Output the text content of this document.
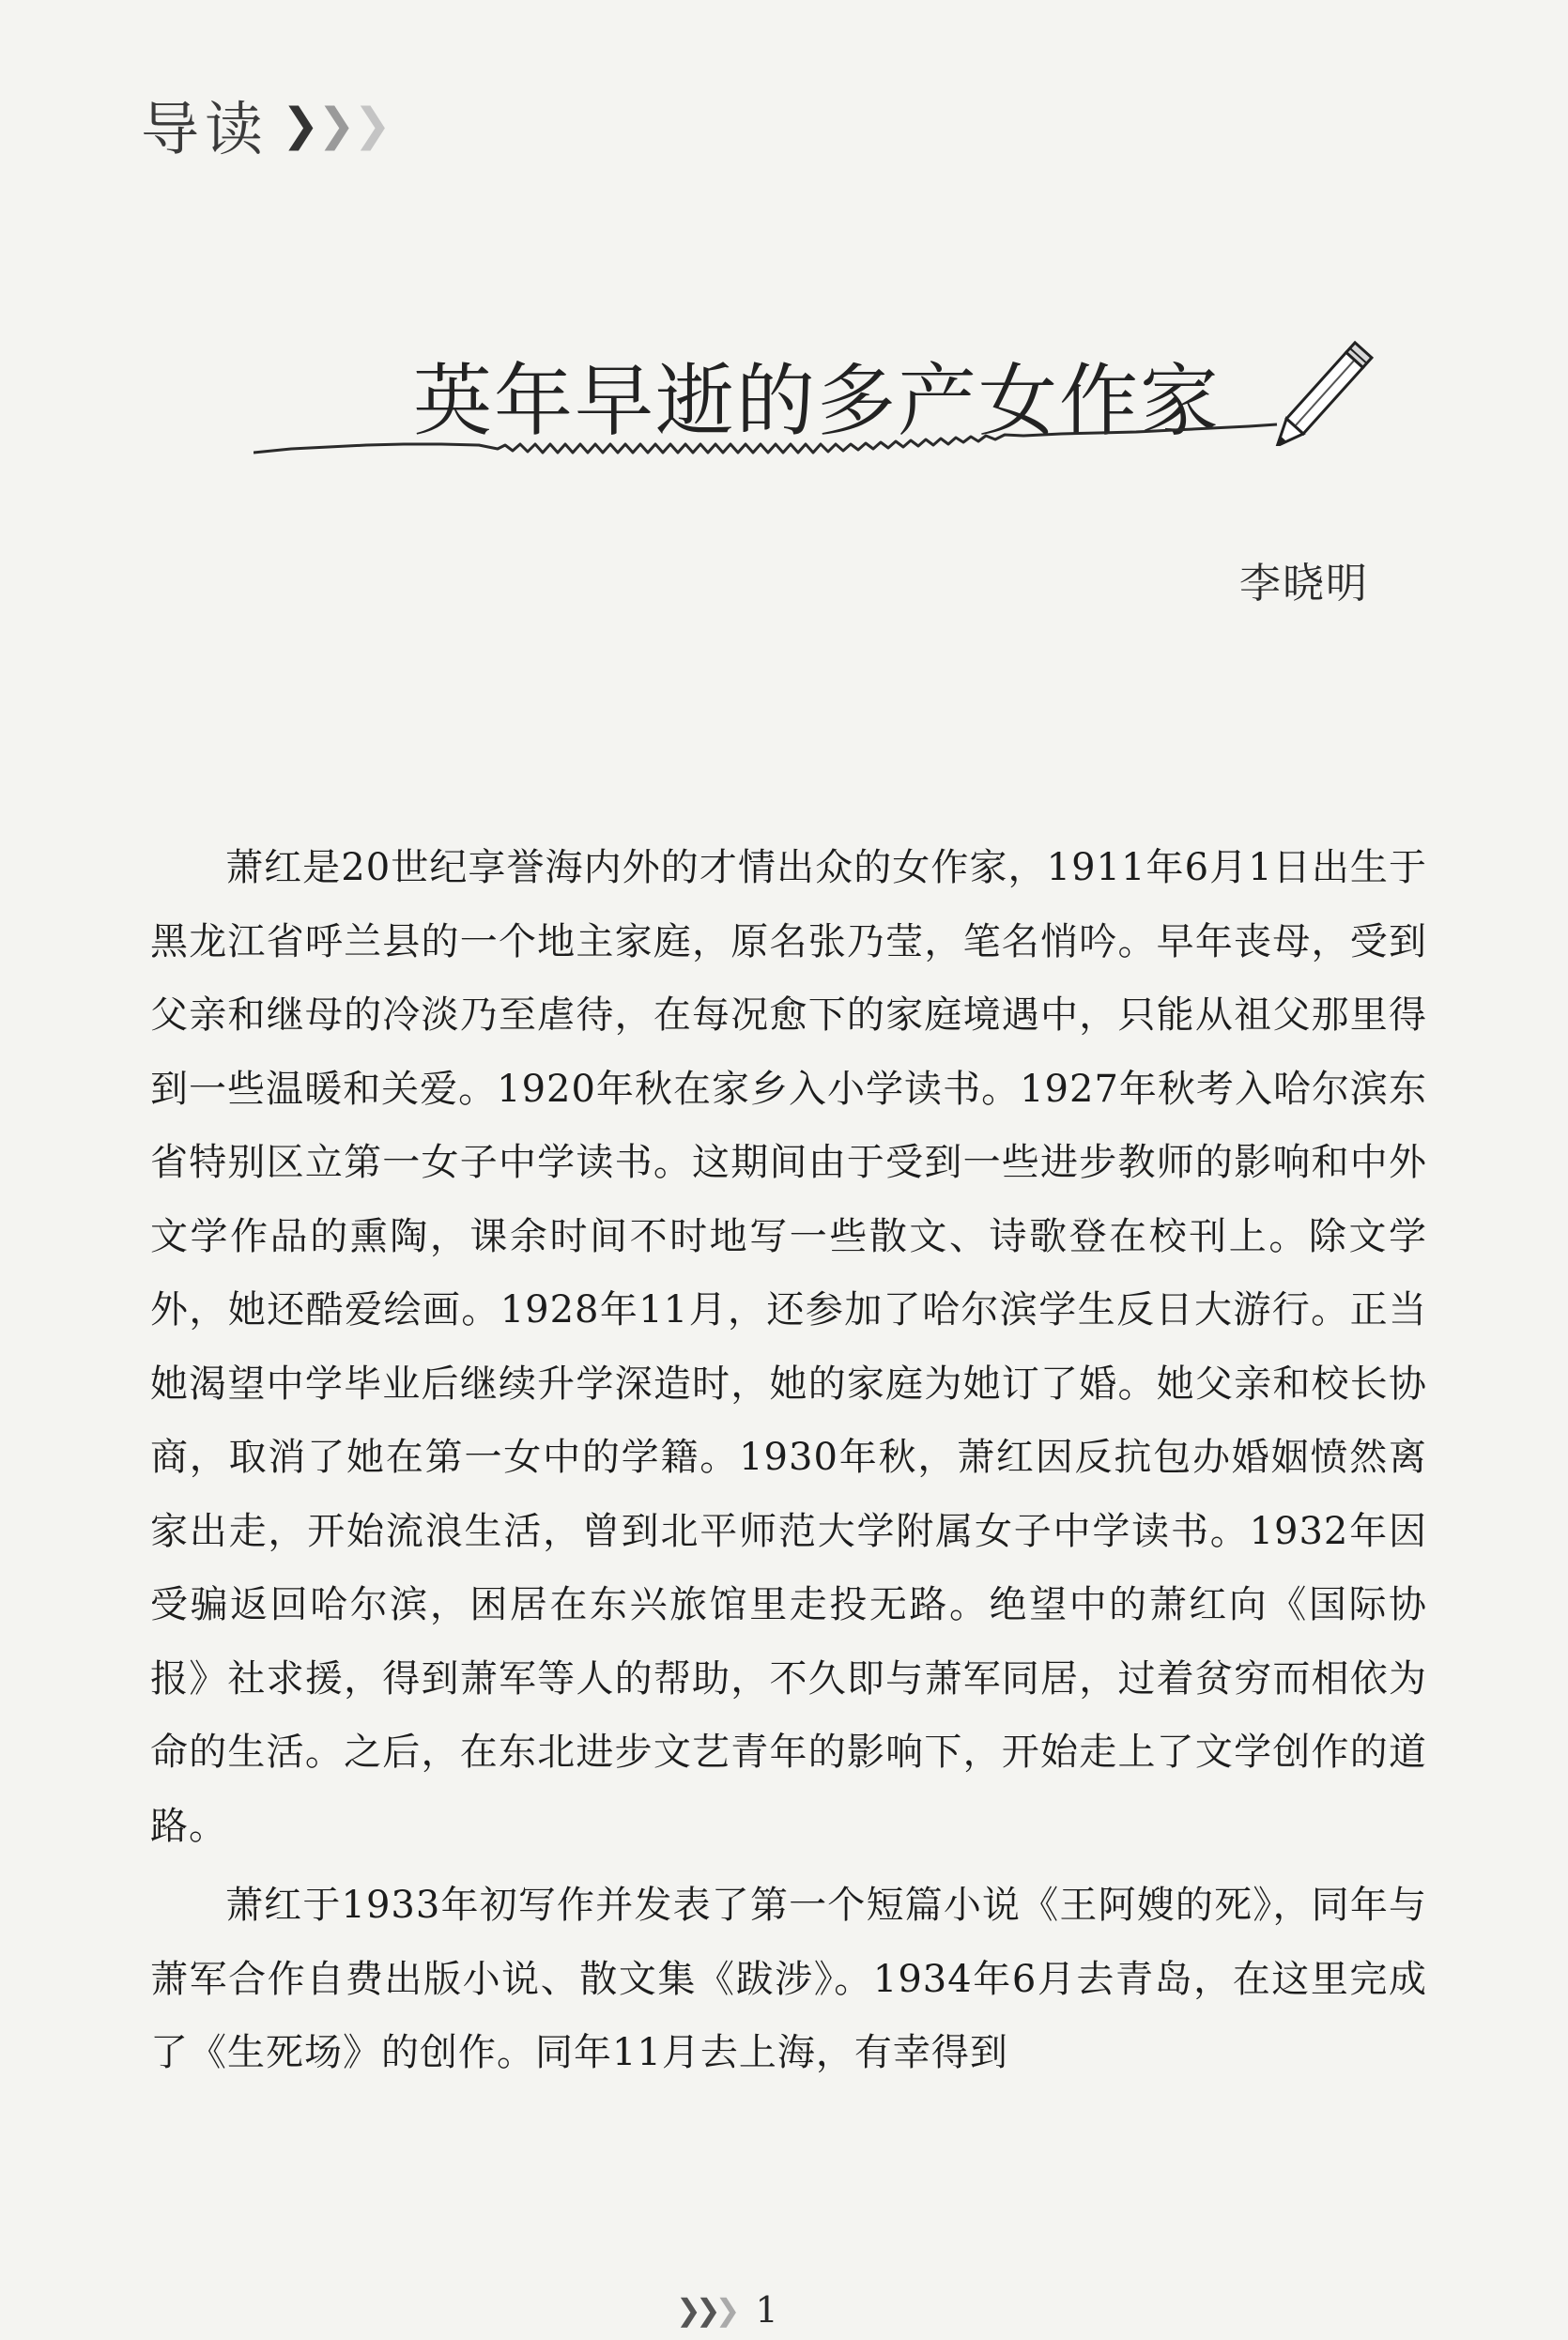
导读 ❯
❯
❯
英年早逝的多产女作家
李晓明

萧红是20世纪享誉海内外的才情出众的女作家，1911年6月1日出生于黑龙江省呼兰县的一个地主家庭，原名张乃莹，笔名悄吟。早年丧母，受到父亲和继母的冷淡乃至虐待，在每况愈下的家庭境遇中，只能从祖父那里得到一些温暖和关爱。1920年秋在家乡入小学读书。1927年秋考入哈尔滨东省特别区立第一女子中学读书。这期间由于受到一些进步教师的影响和中外文学作品的熏陶，课余时间不时地写一些散文、诗歌登在校刊上。除文学外，她还酷爱绘画。1928年11月，还参加了哈尔滨学生反日大游行。正当她渴望中学毕业后继续升学深造时，她的家庭为她订了婚。她父亲和校长协商，取消了她在第一女中的学籍。1930年秋，萧红因反抗包办婚姻愤然离家出走，开始流浪生活，曾到北平师范大学附属女子中学读书。1932年因受骗返回哈尔滨，困居在东兴旅馆里走投无路。绝望中的萧红向《国际协报》社求援，得到萧军等人的帮助，不久即与萧军同居，过着贫穷而相依为命的生活。之后，在东北进步文艺青年的影响下，开始走上了文学创作的道路。

萧红于1933年初写作并发表了第一个短篇小说《王阿嫂的死》，同年与萧军合作自费出版小说、散文集《跋涉》。1934年6月去青岛，在这里完成了《生死场》的创作。同年11月去上海，有幸得到

❯
❯
❯ 1
